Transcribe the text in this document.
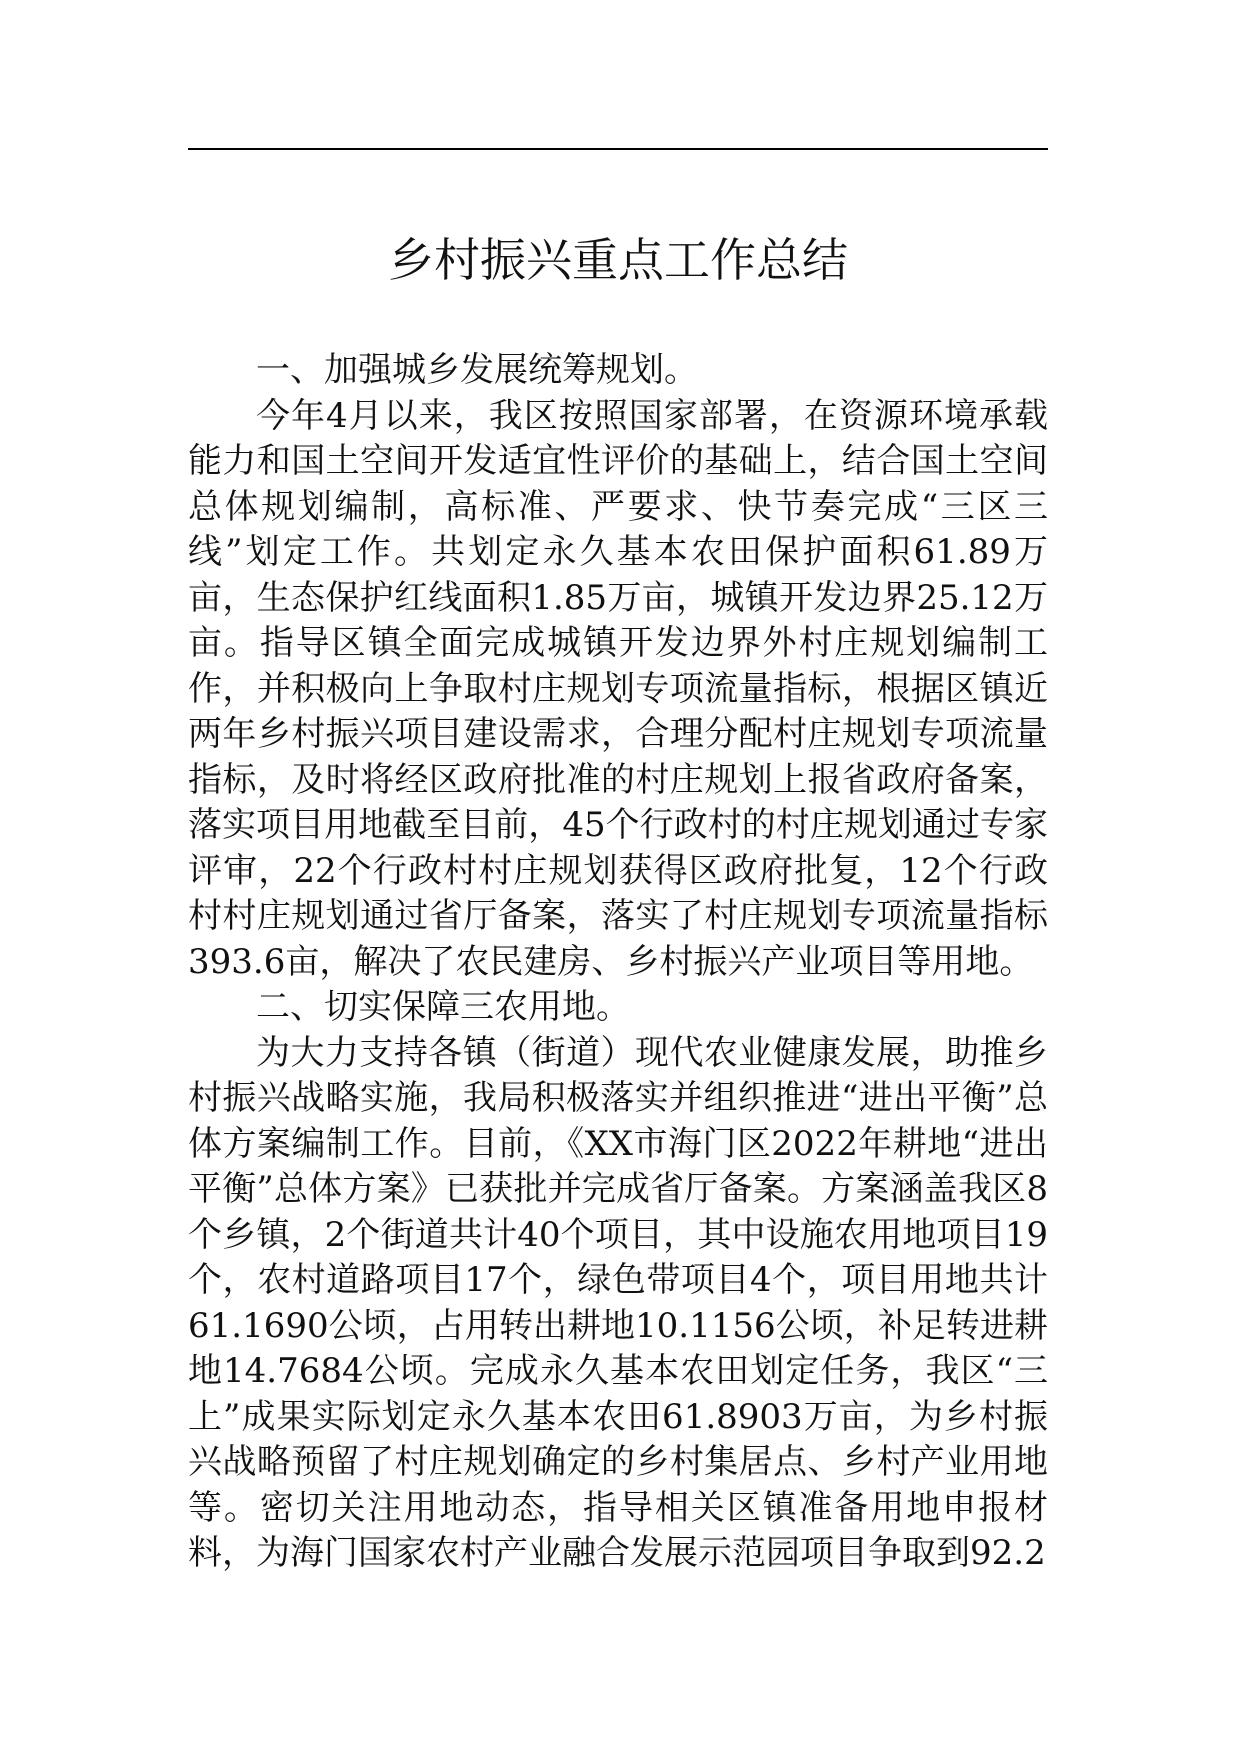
乡村振兴重点工作总结

一、加强城乡发展统筹规划。

今年4月以来，我区按照国家部署，在资源环境承载能力和国土空间开发适宜性评价的基础上，结合国土空间总体规划编制，高标准、严要求、快节奏完成“三区三线”划定工作。共划定永久基本农田保护面积61.89万亩，生态保护红线面积1.85万亩，城镇开发边界25.12万亩。指导区镇全面完成城镇开发边界外村庄规划编制工作，并积极向上争取村庄规划专项流量指标，根据区镇近两年乡村振兴项目建设需求，合理分配村庄规划专项流量指标，及时将经区政府批准的村庄规划上报省政府备案，落实项目用地截至目前，45个行政村的村庄规划通过专家评审，22个行政村村庄规划获得区政府批复，12个行政村村庄规划通过省厅备案，落实了村庄规划专项流量指标393.6亩，解决了农民建房、乡村振兴产业项目等用地。

二、切实保障三农用地。

为大力支持各镇（街道）现代农业健康发展，助推乡村振兴战略实施，我局积极落实并组织推进“进出平衡”总体方案编制工作。目前，《XX市海门区2022年耕地“进出平衡”总体方案》已获批并完成省厅备案。方案涵盖我区8个乡镇，2个街道共计40个项目，其中设施农用地项目19个，农村道路项目17个，绿色带项目4个，项目用地共计61.1690公顷，占用转出耕地10.1156公顷，补足转进耕地14.7684公顷。完成永久基本农田划定任务，我区“三上”成果实际划定永久基本农田61.8903万亩，为乡村振兴战略预留了村庄规划确定的乡村集居点、乡村产业用地等。密切关注用地动态，指导相关区镇准备用地申报材料，为海门国家农村产业融合发展示范园项目争取到92.2
